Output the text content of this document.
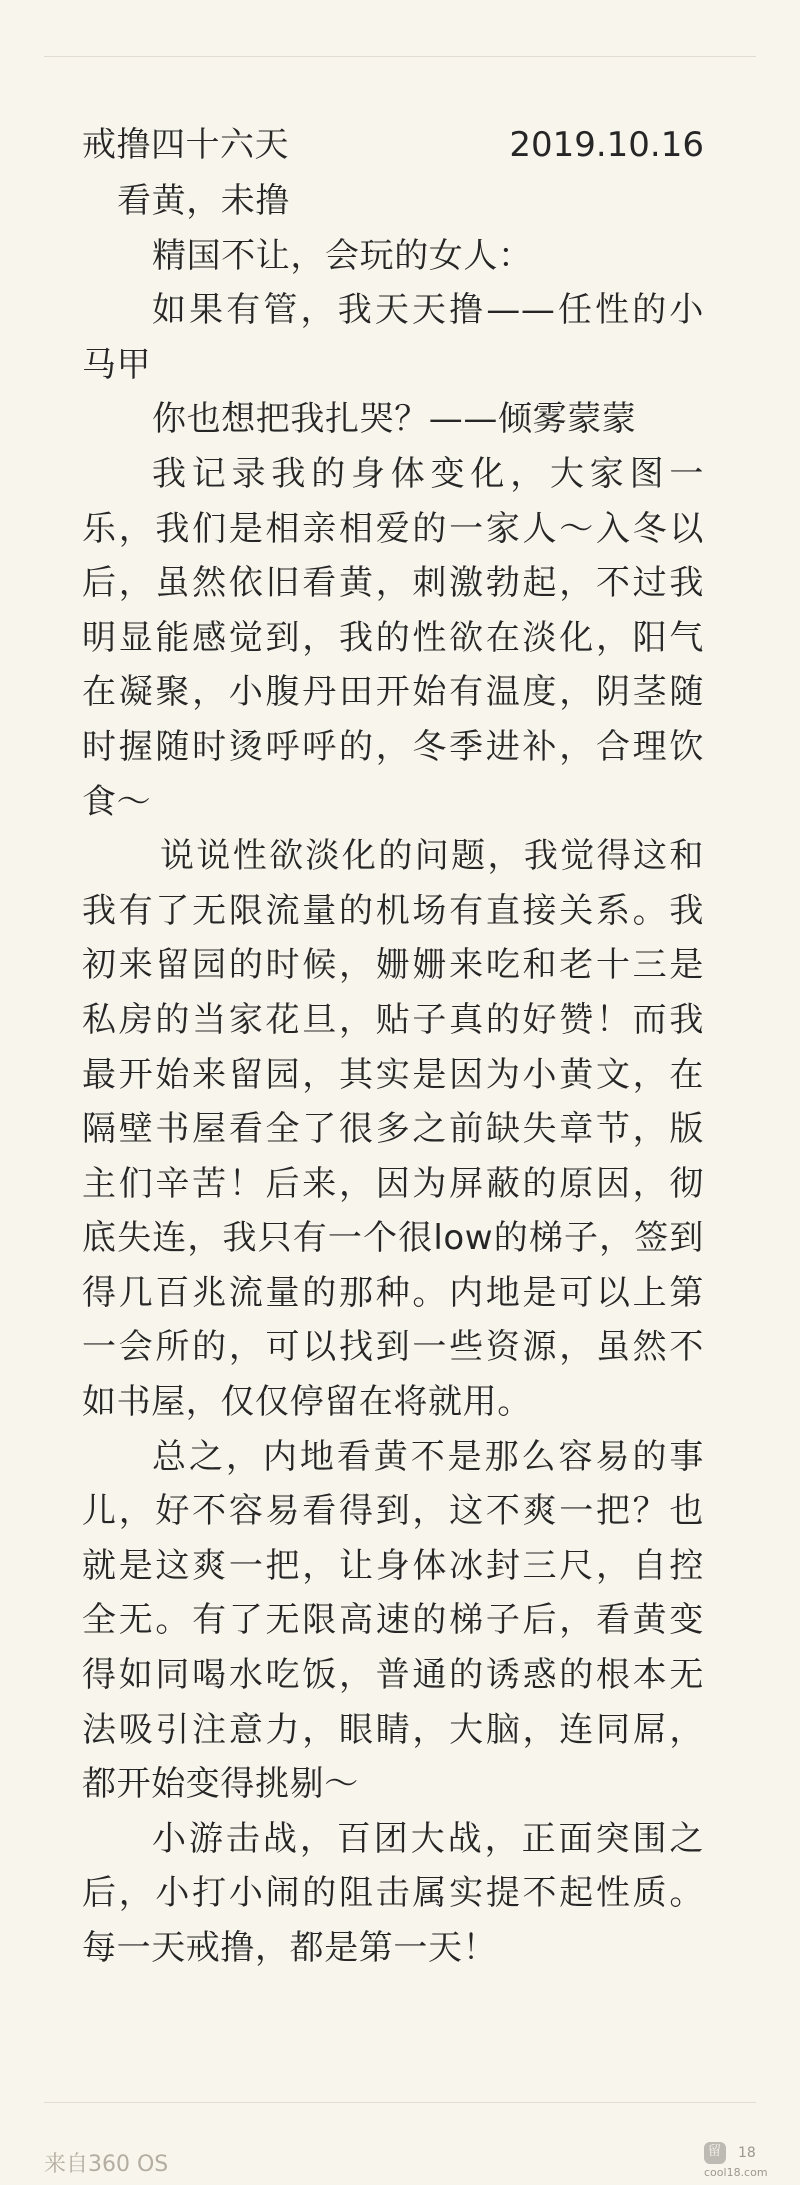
戒撸四十六天	2019.10.16

看黄，未撸

精国不让，会玩的女人：

如果有管，我天天撸——任性的小马甲

你也想把我扎哭？——倾雾蒙蒙

我记录我的身体变化，大家图一乐，我们是相亲相爱的一家人～入冬以后，虽然依旧看黄，刺激勃起，不过我明显能感觉到，我的性欲在淡化，阳气在凝聚，小腹丹田开始有温度，阴茎随时握随时烫呼呼的，冬季进补，合理饮食～

说说性欲淡化的问题，我觉得这和我有了无限流量的机场有直接关系。我初来留园的时候，姗姗来吃和老十三是私房的当家花旦，贴子真的好赞！而我最开始来留园，其实是因为小黄文，在隔壁书屋看全了很多之前缺失章节，版主们辛苦！后来，因为屏蔽的原因，彻底失连，我只有一个很low的梯子，签到得几百兆流量的那种。内地是可以上第一会所的，可以找到一些资源，虽然不如书屋，仅仅停留在将就用。

总之，内地看黄不是那么容易的事儿，好不容易看得到，这不爽一把？也就是这爽一把，让身体冰封三尺，自控全无。有了无限高速的梯子后，看黄变得如同喝水吃饭，普通的诱惑的根本无法吸引注意力，眼睛，大脑，连同屌，都开始变得挑剔～

小游击战，百团大战，正面突围之后，小打小闹的阻击属实提不起性质。每一天戒撸，都是第一天！

来自360 OS
留 18
cool18.com
